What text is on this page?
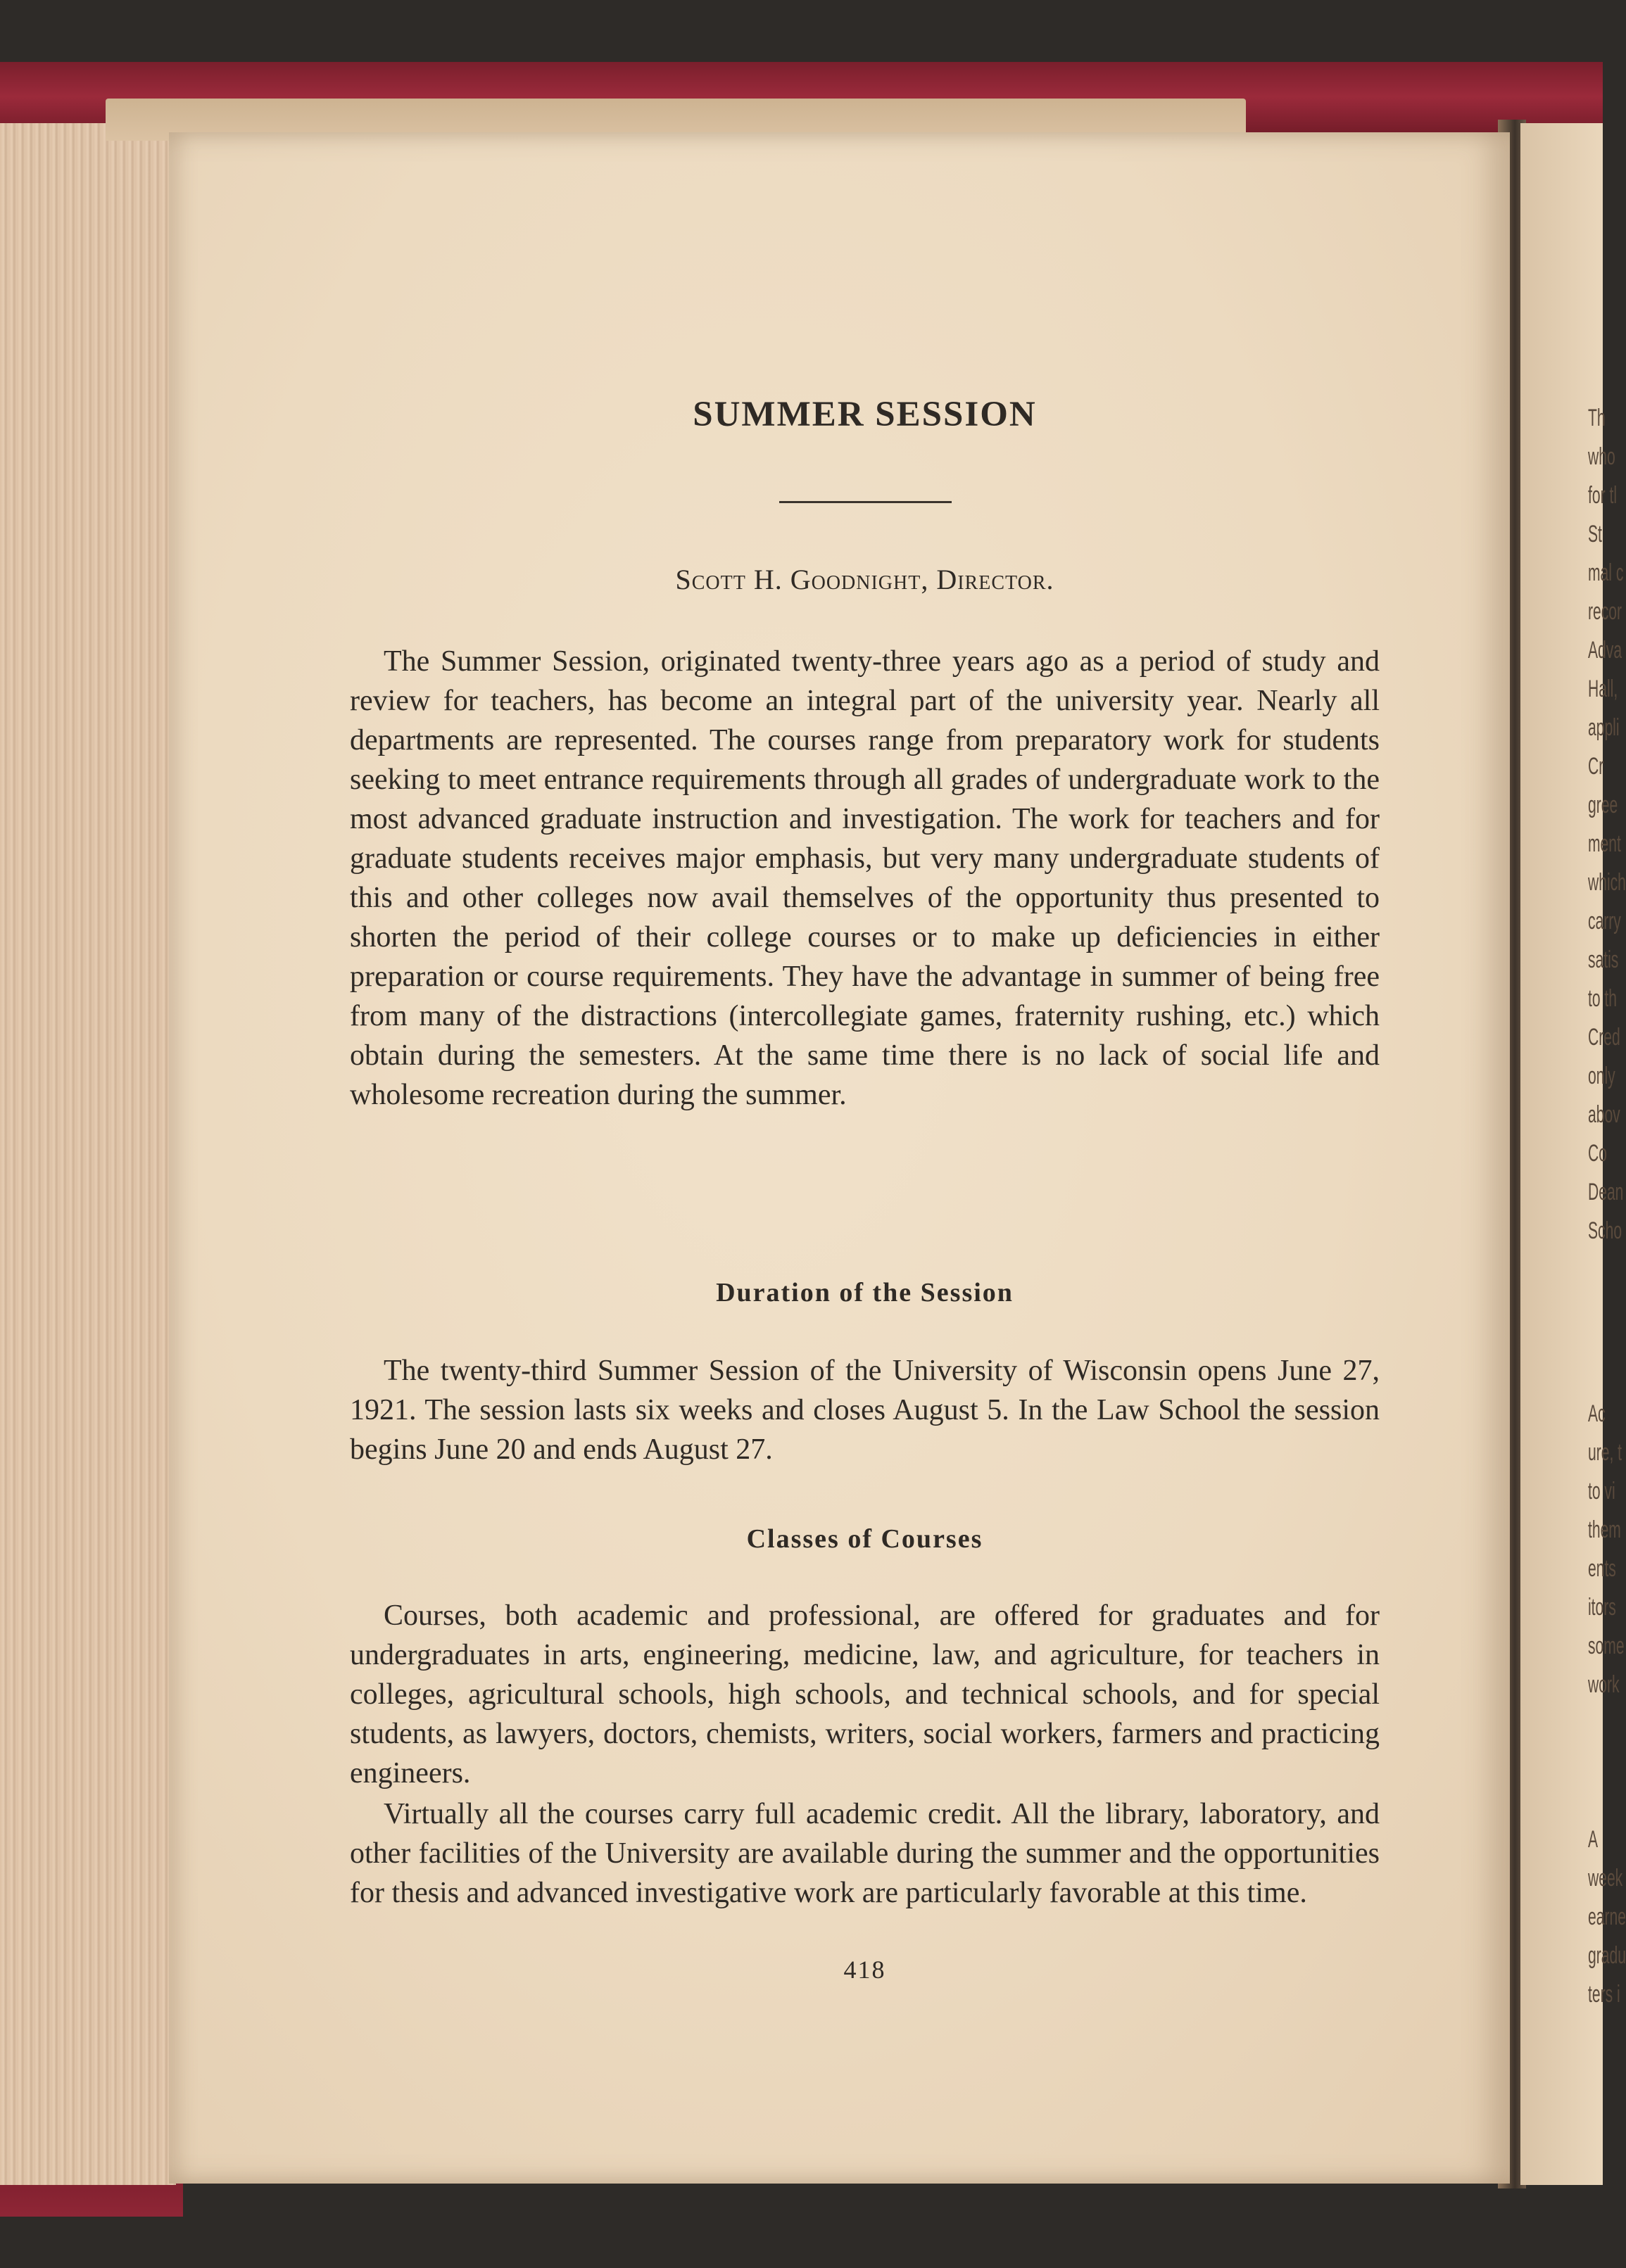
Th
who
for tl
St
mal c
recor
Adva
Hall,
appli
Cr
gree
ment
which
carry
satis
to th
Cred
only
abov
Co
Dean
Scho
Ac
ure, t
to vi
them
ents
itors
some
work
A
week
earne
gradu
ters i
SUMMER SESSION
Scott H. Goodnight, Director.

The Summer Session, originated twenty-three years ago as a period of study and review for teachers, has become an integral part of the university year. Nearly all departments are represented. The courses range from preparatory work for students seeking to meet entrance requirements through all grades of undergraduate work to the most advanced graduate instruction and investigation. The work for teachers and for graduate students receives major emphasis, but very many undergraduate students of this and other colleges now avail themselves of the opportunity thus presented to shorten the period of their college courses or to make up deficiencies in either preparation or course requirements. They have the advantage in summer of being free from many of the distractions (intercollegiate games, fraternity rushing, etc.) which obtain during the semesters. At the same time there is no lack of social life and wholesome recreation during the summer.

Duration of the Session

The twenty-third Summer Session of the University of Wisconsin opens June 27, 1921. The session lasts six weeks and closes August 5. In the Law School the session begins June 20 and ends August 27.

Classes of Courses

Courses, both academic and professional, are offered for graduates and for undergraduates in arts, engineering, medicine, law, and agriculture, for teachers in colleges, agricultural schools, high schools, and technical schools, and for special students, as lawyers, doctors, chemists, writers, social workers, farmers and practicing engineers.

Virtually all the courses carry full academic credit. All the library, laboratory, and other facilities of the University are available during the summer and the opportunities for thesis and advanced investigative work are particularly favorable at this time.

418
